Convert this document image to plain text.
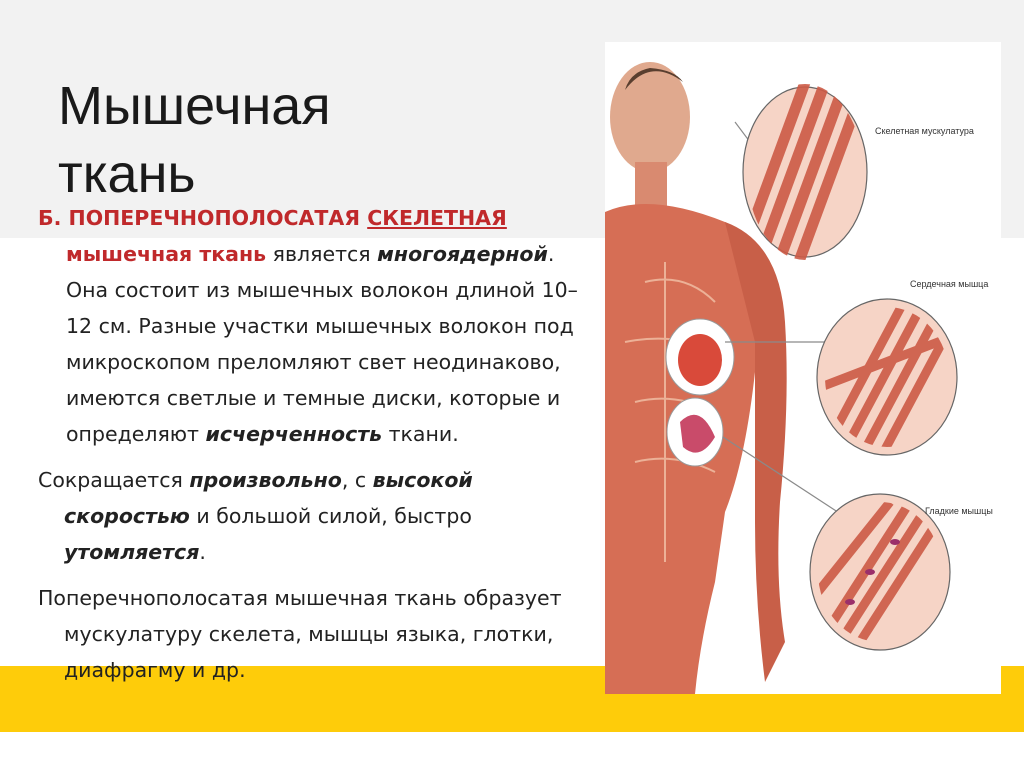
Мышечная ткань

Б. ПОПЕРЕЧНОПОЛОСАТАЯ СКЕЛЕТНАЯ мышечная ткань является многоядерной. Она состоит из мышечных волокон длиной 10–12 см. Разные участки мышечных волокон под микроскопом преломляют свет неодинаково, имеются светлые и темные диски, которые и определяют исчерченность ткани.

Сокращается произвольно, с высокой скоростью и большой силой, быстро утомляется.

Поперечнополосатая мышечная ткань образует мускулатуру скелета, мышцы языка, глотки, диафрагму и др.

Скелетная мускулатура
Сердечная мышца
Гладкие мышцы
